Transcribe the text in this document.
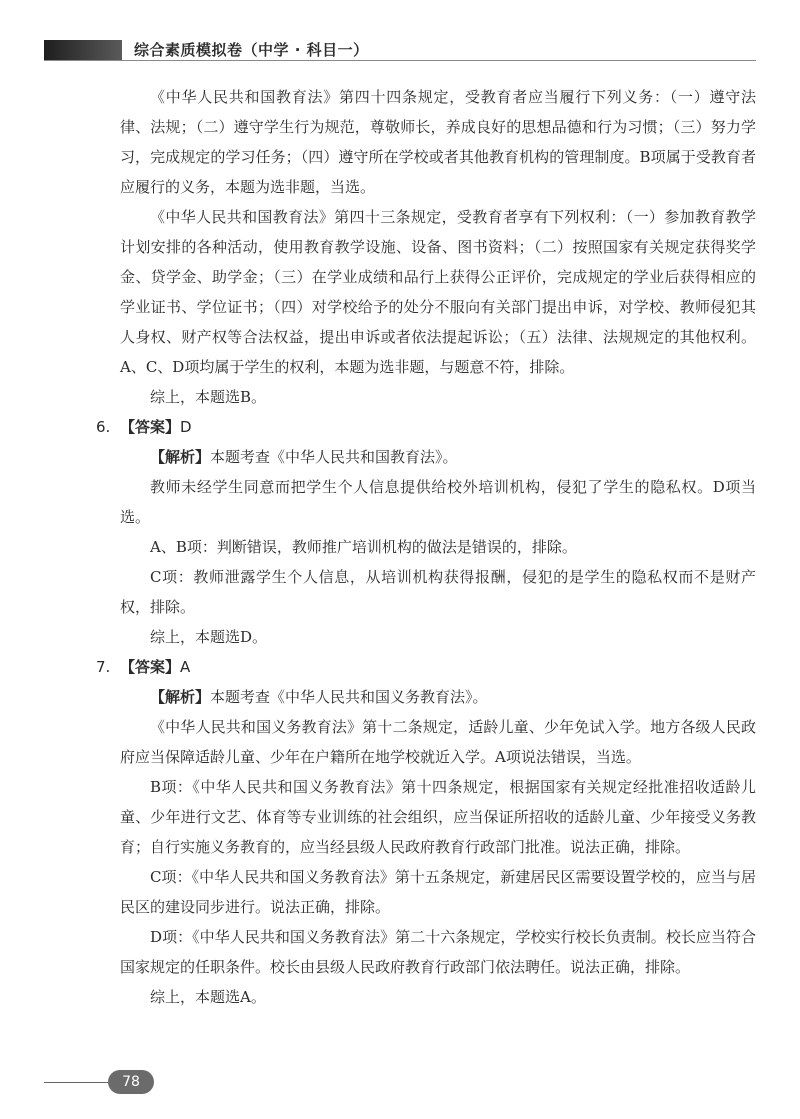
综合素质模拟卷（中学 · 科目一）

《中华人民共和国教育法》第四十四条规定，受教育者应当履行下列义务：（一）遵守法律、法规；（二）遵守学生行为规范，尊敬师长，养成良好的思想品德和行为习惯；（三）努力学习，完成规定的学习任务；（四）遵守所在学校或者其他教育机构的管理制度。B项属于受教育者应履行的义务，本题为选非题，当选。

《中华人民共和国教育法》第四十三条规定，受教育者享有下列权利：（一）参加教育教学计划安排的各种活动，使用教育教学设施、设备、图书资料；（二）按照国家有关规定获得奖学金、贷学金、助学金；（三）在学业成绩和品行上获得公正评价，完成规定的学业后获得相应的学业证书、学位证书；（四）对学校给予的处分不服向有关部门提出申诉，对学校、教师侵犯其人身权、财产权等合法权益，提出申诉或者依法提起诉讼；（五）法律、法规规定的其他权利。A、C、D项均属于学生的权利，本题为选非题，与题意不符，排除。

综上，本题选B。

6. 【答案】D

【解析】本题考查《中华人民共和国教育法》。

教师未经学生同意而把学生个人信息提供给校外培训机构，侵犯了学生的隐私权。D项当选。

A、B项：判断错误，教师推广培训机构的做法是错误的，排除。

C项：教师泄露学生个人信息，从培训机构获得报酬，侵犯的是学生的隐私权而不是财产权，排除。

综上，本题选D。

7. 【答案】A

【解析】本题考查《中华人民共和国义务教育法》。

《中华人民共和国义务教育法》第十二条规定，适龄儿童、少年免试入学。地方各级人民政府应当保障适龄儿童、少年在户籍所在地学校就近入学。A项说法错误，当选。

B项：《中华人民共和国义务教育法》第十四条规定，根据国家有关规定经批准招收适龄儿童、少年进行文艺、体育等专业训练的社会组织，应当保证所招收的适龄儿童、少年接受义务教育；自行实施义务教育的，应当经县级人民政府教育行政部门批准。说法正确，排除。

C项：《中华人民共和国义务教育法》第十五条规定，新建居民区需要设置学校的，应当与居民区的建设同步进行。说法正确，排除。

D项：《中华人民共和国义务教育法》第二十六条规定，学校实行校长负责制。校长应当符合国家规定的任职条件。校长由县级人民政府教育行政部门依法聘任。说法正确，排除。

综上，本题选A。

78
